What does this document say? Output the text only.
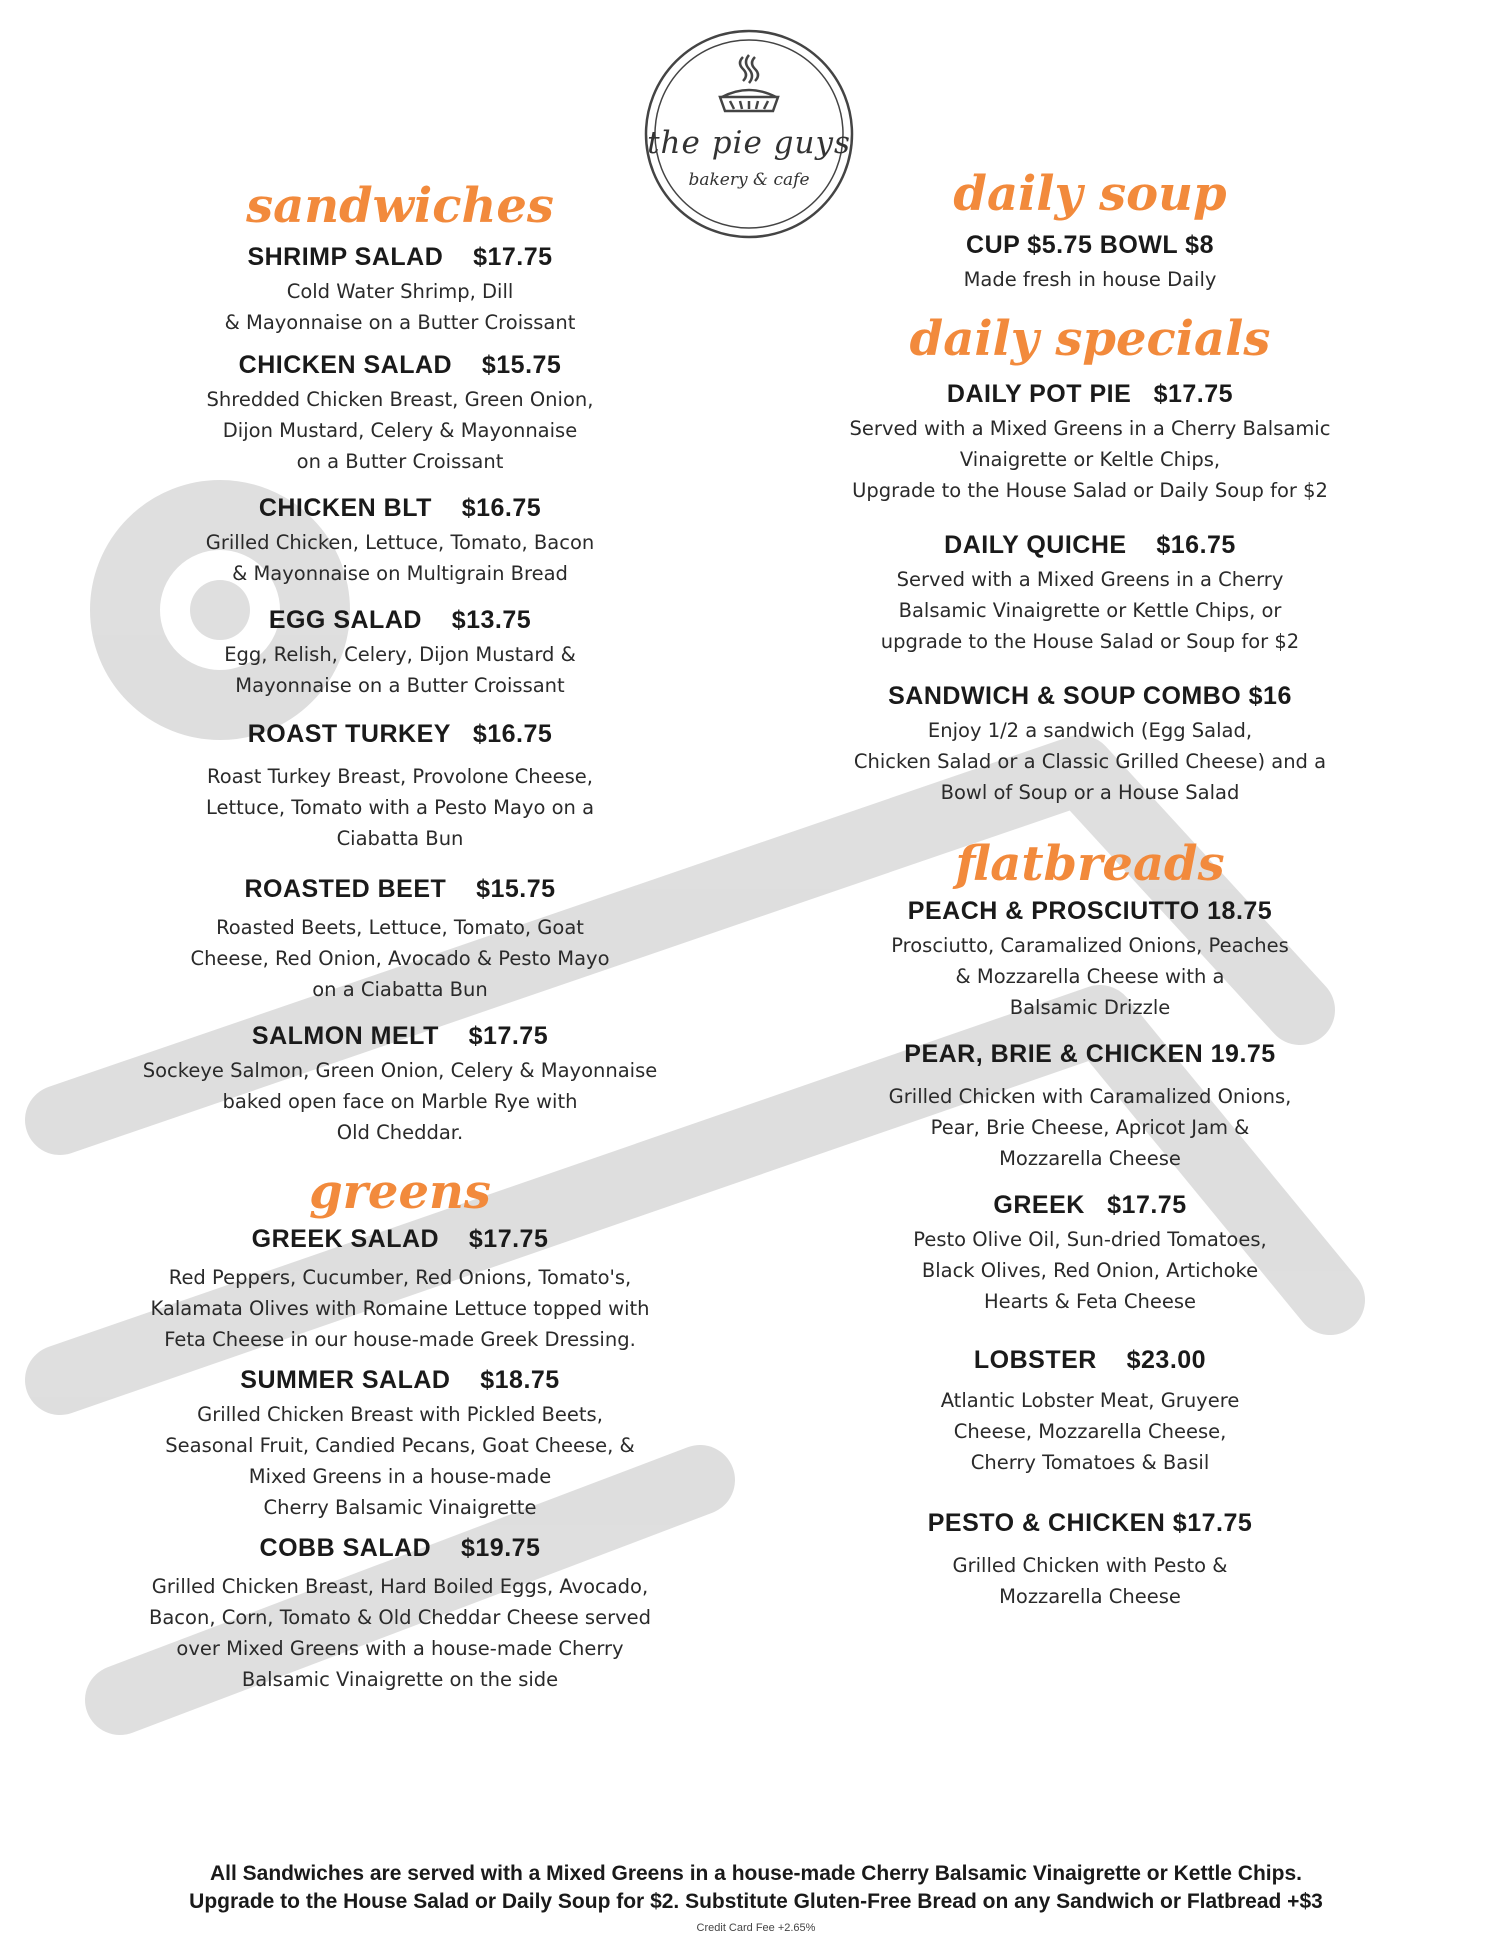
the pie guys
bakery & cafe
sandwiches
SHRIMP SALAD    $17.75
Cold Water Shrimp, Dill
& Mayonnaise on a Butter Croissant
CHICKEN SALAD    $15.75
Shredded Chicken Breast, Green Onion,
Dijon Mustard, Celery & Mayonnaise
on a Butter Croissant
CHICKEN BLT    $16.75
Grilled Chicken, Lettuce, Tomato, Bacon
& Mayonnaise on Multigrain Bread
EGG SALAD    $13.75
Egg, Relish, Celery, Dijon Mustard &
Mayonnaise on a Butter Croissant
ROAST TURKEY   $16.75
Roast Turkey Breast, Provolone Cheese,
Lettuce, Tomato with a Pesto Mayo on a
Ciabatta Bun
ROASTED BEET    $15.75
Roasted Beets, Lettuce, Tomato, Goat
Cheese, Red Onion, Avocado & Pesto Mayo
on a Ciabatta Bun
SALMON MELT    $17.75
Sockeye Salmon, Green Onion, Celery & Mayonnaise
baked open face on Marble Rye with
Old Cheddar.
greens
GREEK SALAD    $17.75
Red Peppers, Cucumber, Red Onions, Tomato's,
Kalamata Olives with Romaine Lettuce topped with
Feta Cheese in our house-made Greek Dressing.
SUMMER SALAD    $18.75
Grilled Chicken Breast with Pickled Beets,
Seasonal Fruit, Candied Pecans, Goat Cheese, &
Mixed Greens in a house-made
Cherry Balsamic Vinaigrette
COBB SALAD    $19.75
Grilled Chicken Breast, Hard Boiled Eggs, Avocado,
Bacon, Corn, Tomato & Old Cheddar Cheese served
over Mixed Greens with a house-made Cherry
Balsamic Vinaigrette on the side
daily soup
CUP $5.75 BOWL $8
Made fresh in house Daily
daily specials
DAILY POT PIE   $17.75
Served with a Mixed Greens in a Cherry Balsamic
Vinaigrette or Keltle Chips,
Upgrade to the House Salad or Daily Soup for $2
DAILY QUICHE    $16.75
Served with a Mixed Greens in a Cherry
Balsamic Vinaigrette or Kettle Chips, or
upgrade to the House Salad or Soup for $2
SANDWICH & SOUP COMBO $16
Enjoy 1/2 a sandwich (Egg Salad,
Chicken Salad or a Classic Grilled Cheese) and a
Bowl of Soup or a House Salad
flatbreads
PEACH & PROSCIUTTO 18.75
Prosciutto, Caramalized Onions, Peaches
& Mozzarella Cheese with a
Balsamic Drizzle
PEAR, BRIE & CHICKEN 19.75
Grilled Chicken with Caramalized Onions,
Pear, Brie Cheese, Apricot Jam &
Mozzarella Cheese
GREEK   $17.75
Pesto Olive Oil, Sun-dried Tomatoes,
Black Olives, Red Onion, Artichoke
Hearts & Feta Cheese
LOBSTER    $23.00
Atlantic Lobster Meat, Gruyere
Cheese, Mozzarella Cheese,
Cherry Tomatoes & Basil
PESTO & CHICKEN $17.75
Grilled Chicken with Pesto &
Mozzarella Cheese
All Sandwiches are served with a Mixed Greens in a house-made Cherry Balsamic Vinaigrette or Kettle Chips.
Upgrade to the House Salad or Daily Soup for $2. Substitute Gluten-Free Bread on any Sandwich or Flatbread +$3
Credit Card Fee +2.65%
